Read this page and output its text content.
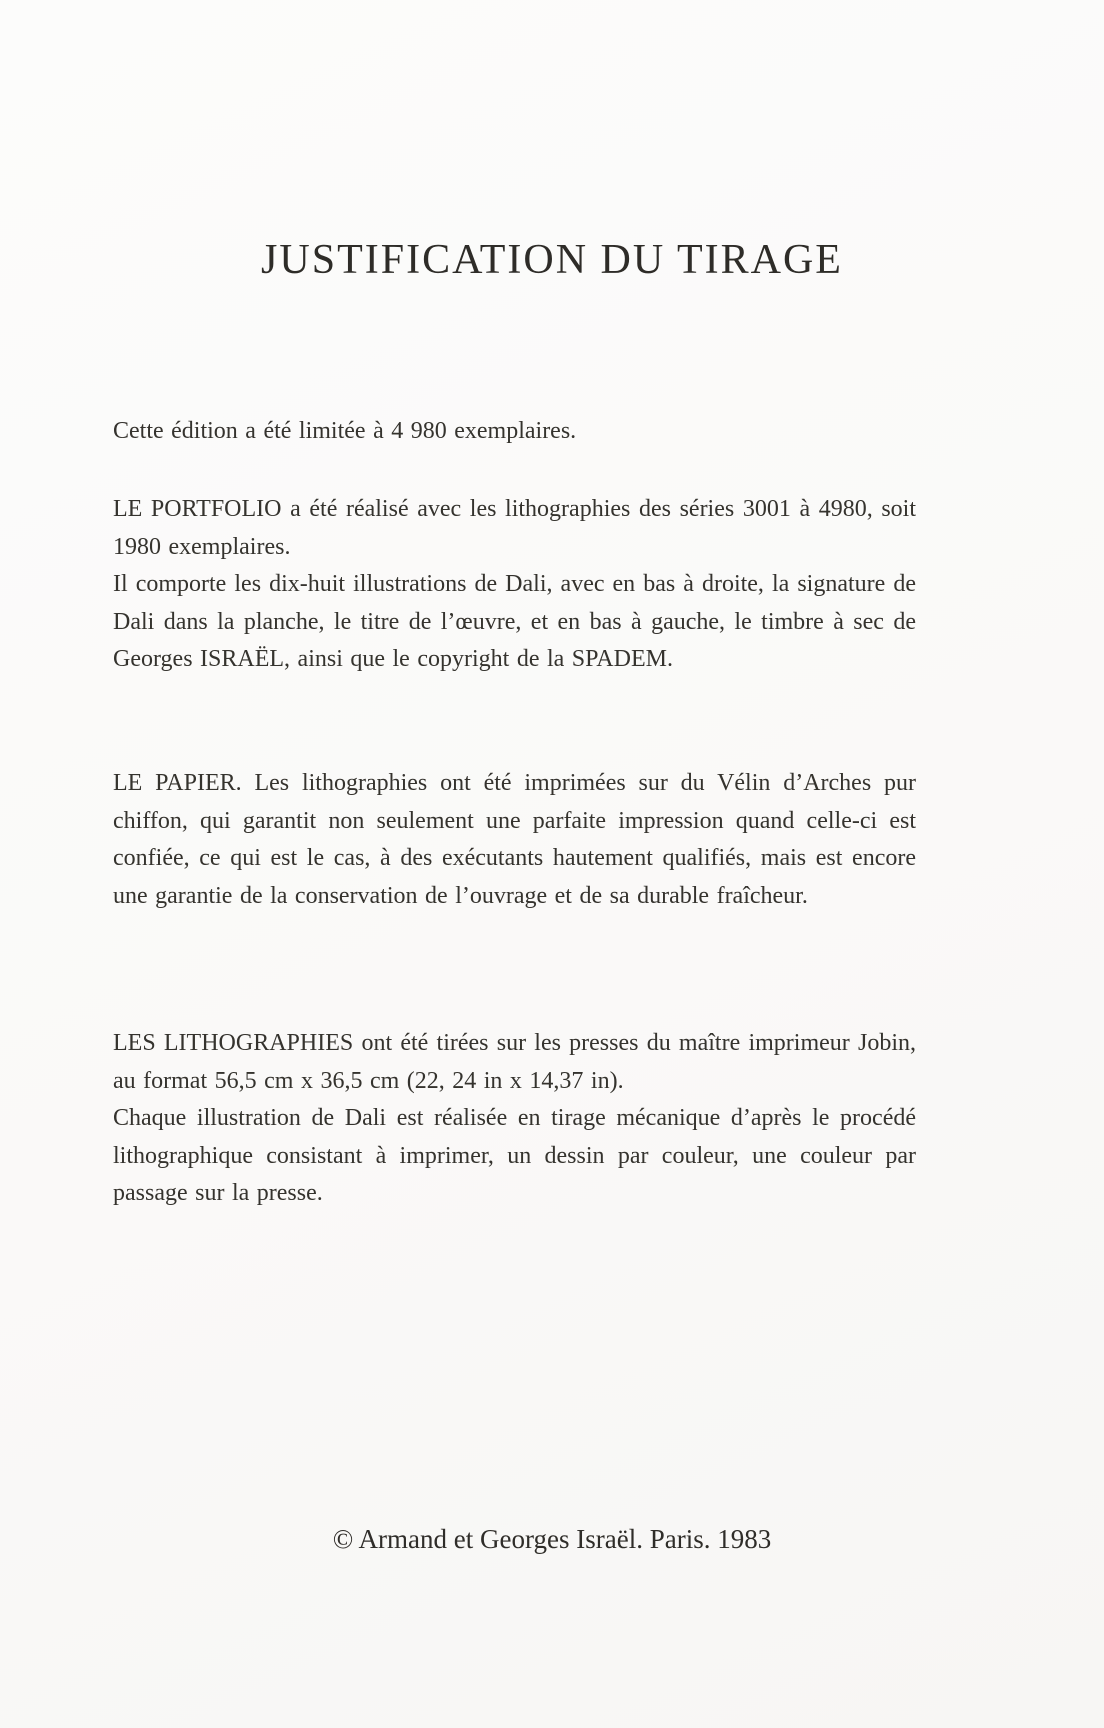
JUSTIFICATION DU TIRAGE

Cette édition a été limitée à 4 980 exemplaires.

LE PORTFOLIO a été réalisé avec les lithographies des séries 3001 à 4980, soit 1980 exemplaires.

Il comporte les dix-huit illustrations de Dali, avec en bas à droite, la signature de Dali dans la planche, le titre de l’œuvre, et en bas à gauche, le timbre à sec de Georges ISRAËL, ainsi que le copyright de la SPADEM.

LE PAPIER. Les lithographies ont été imprimées sur du Vélin d’Arches pur chiffon, qui garantit non seulement une parfaite impression quand celle-ci est confiée, ce qui est le cas, à des exécutants hautement qualifiés, mais est encore une garantie de la conservation de l’ouvrage et de sa durable fraîcheur.

LES LITHOGRAPHIES ont été tirées sur les presses du maître imprimeur Jobin, au format 56,5 cm x 36,5 cm (22, 24 in x 14,37 in).

Chaque illustration de Dali est réalisée en tirage mécanique d’après le procédé lithographique consistant à imprimer, un dessin par couleur, une couleur par passage sur la presse.

© Armand et Georges Israël. Paris. 1983
